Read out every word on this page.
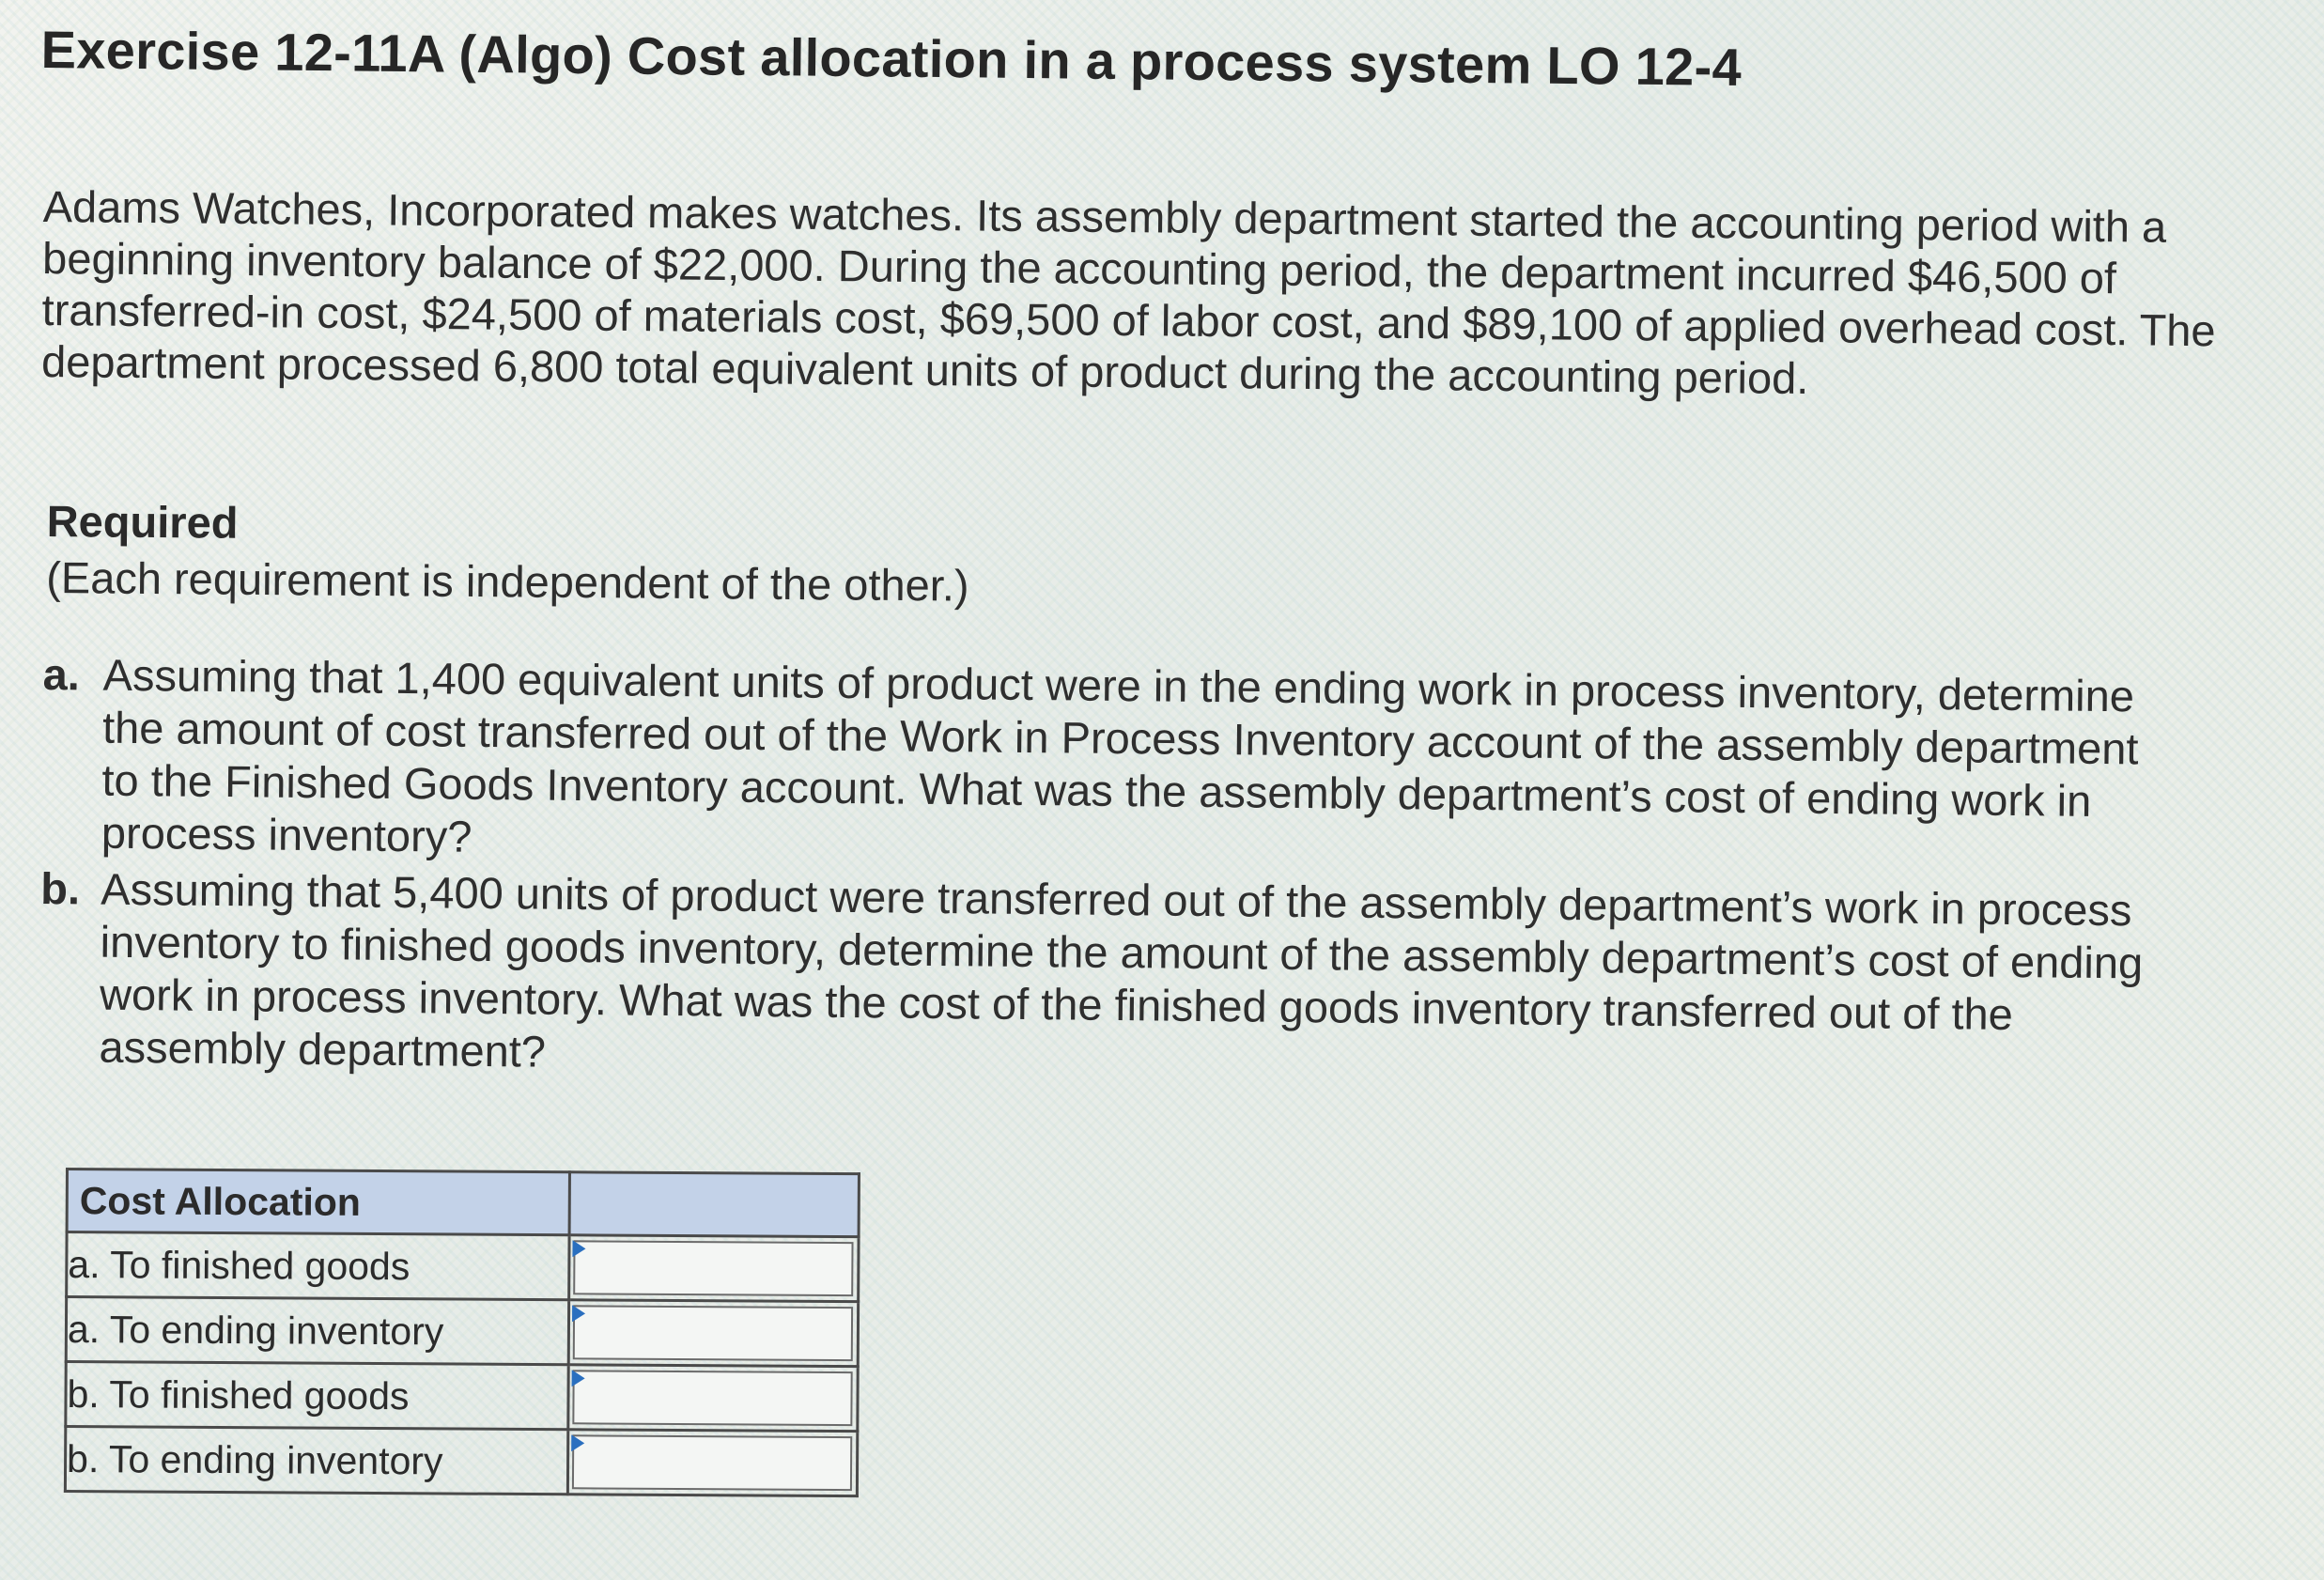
Exercise 12-11A (Algo) Cost allocation in a process system LO 12-4
Adams Watches, Incorporated makes watches. Its assembly department started the accounting period with a beginning inventory balance of $22,000. During the accounting period, the department incurred $46,500 of transferred-in cost, $24,500 of materials cost, $69,500 of labor cost, and $89,100 of applied overhead cost. The department processed 6,800 total equivalent units of product during the accounting period.
Required
(Each requirement is independent of the other.)
a. Assuming that 1,400 equivalent units of product were in the ending work in process inventory, determine the amount of cost transferred out of the Work in Process Inventory account of the assembly department to the Finished Goods Inventory account. What was the assembly department’s cost of ending work in process inventory?
b. Assuming that 5,400 units of product were transferred out of the assembly department’s work in process inventory to finished goods inventory, determine the amount of the assembly department’s cost of ending work in process inventory. What was the cost of the finished goods inventory transferred out of the assembly department?
Cost Allocation	
a. To finished goods	

a. To ending inventory	

b. To finished goods	

b. To ending inventory	
